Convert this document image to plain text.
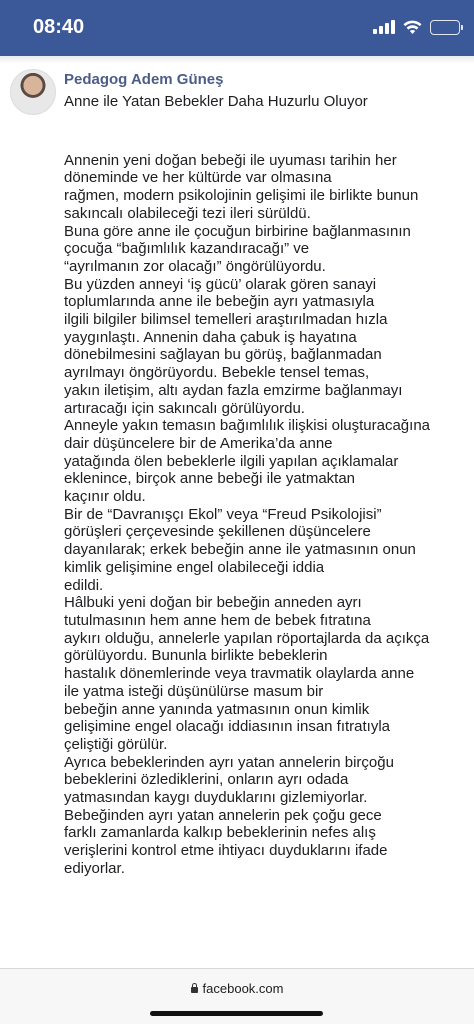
08:40
Pedagog Adem Güneş
Anne ile Yatan Bebekler Daha Huzurlu Oluyor

Annenin yeni doğan bebeği ile uyuması tarihin her

döneminde ve her kültürde var olmasına

rağmen, modern psikolojinin gelişimi ile birlikte bunun

sakıncalı olabileceği tezi ileri sürüldü.

Buna göre anne ile çocuğun birbirine bağlanmasının

çocuğa “bağımlılık kazandıracağı” ve

“ayrılmanın zor olacağı” öngörülüyordu.

Bu yüzden anneyi ‘iş gücü’ olarak gören sanayi

toplumlarında anne ile bebeğin ayrı yatmasıyla

ilgili bilgiler bilimsel temelleri araştırılmadan hızla

yaygınlaştı. Annenin daha çabuk iş hayatına

dönebilmesini sağlayan bu görüş, bağlanmadan

ayrılmayı öngörüyordu. Bebekle tensel temas,

yakın iletişim, altı aydan fazla emzirme bağlanmayı

artıracağı için sakıncalı görülüyordu.

Anneyle yakın temasın bağımlılık ilişkisi oluşturacağına

dair düşüncelere bir de Amerika’da anne

yatağında ölen bebeklerle ilgili yapılan açıklamalar

eklenince, birçok anne bebeği ile yatmaktan

kaçınır oldu.

Bir de “Davranışçı Ekol” veya “Freud Psikolojisi”

görüşleri çerçevesinde şekillenen düşüncelere

dayanılarak; erkek bebeğin anne ile yatmasının onun

kimlik gelişimine engel olabileceği iddia

edildi.

Hâlbuki yeni doğan bir bebeğin anneden ayrı

tutulmasının hem anne hem de bebek fıtratına

aykırı olduğu, annelerle yapılan röportajlarda da açıkça

görülüyordu. Bununla birlikte bebeklerin

hastalık dönemlerinde veya travmatik olaylarda anne

ile yatma isteği düşünülürse masum bir

bebeğin anne yanında yatmasının onun kimlik

gelişimine engel olacağı iddiasının insan fıtratıyla

çeliştiği görülür.

Ayrıca bebeklerinden ayrı yatan annelerin birçoğu

bebeklerini özlediklerini, onların ayrı odada

yatmasından kaygı duyduklarını gizlemiyorlar.

Bebeğinden ayrı yatan annelerin pek çoğu gece

farklı zamanlarda kalkıp bebeklerinin nefes alış

verişlerini kontrol etme ihtiyacı duyduklarını ifade

ediyorlar.

facebook.com
